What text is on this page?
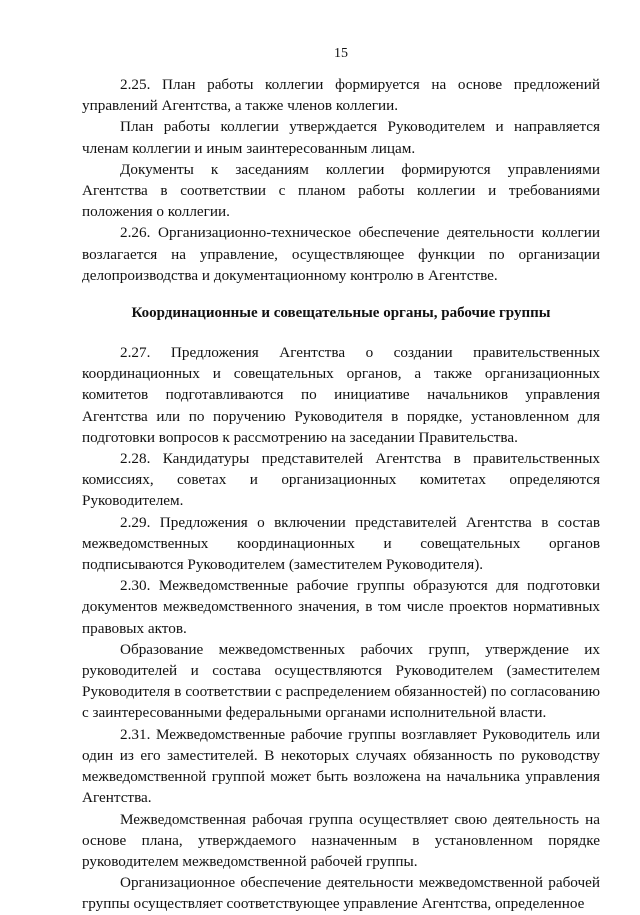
15

2.25. План работы коллегии формируется на основе предложений управлений Агентства, а также членов коллегии.

План работы коллегии утверждается Руководителем и направляется членам коллегии и иным заинтересованным лицам.

Документы к заседаниям коллегии формируются управлениями Агентства в соответствии с планом работы коллегии и требованиями положения о коллегии.

2.26. Организационно-техническое обеспечение деятельности коллегии возлагается на управление, осуществляющее функции по организации делопроизводства и документационному контролю в Агентстве.

Координационные и совещательные органы, рабочие группы

2.27. Предложения Агентства о создании правительственных координационных и совещательных органов, а также организационных комитетов подготавливаются по инициативе начальников управления Агентства или по поручению Руководителя в порядке, установленном для подготовки вопросов к рассмотрению на заседании Правительства.

2.28. Кандидатуры представителей Агентства в правительственных комиссиях, советах и организационных комитетах определяются Руководителем.

2.29. Предложения о включении представителей Агентства в состав межведомственных координационных и совещательных органов подписываются Руководителем (заместителем Руководителя).

2.30. Межведомственные рабочие группы образуются для подготовки документов межведомственного значения, в том числе проектов нормативных правовых актов.

Образование межведомственных рабочих групп, утверждение их руководителей и состава осуществляются Руководителем (заместителем Руководителя в соответствии с распределением обязанностей) по согласованию с заинтересованными федеральными органами исполнительной власти.

2.31. Межведомственные рабочие группы возглавляет Руководитель или один из его заместителей. В некоторых случаях обязанность по руководству межведомственной группой может быть возложена на начальника управления Агентства.

Межведомственная рабочая группа осуществляет свою деятельность на основе плана, утверждаемого назначенным в установленном порядке руководителем межведомственной рабочей группы.

Организационное обеспечение деятельности межведомственной рабочей группы осуществляет соответствующее управление Агентства, определенное
